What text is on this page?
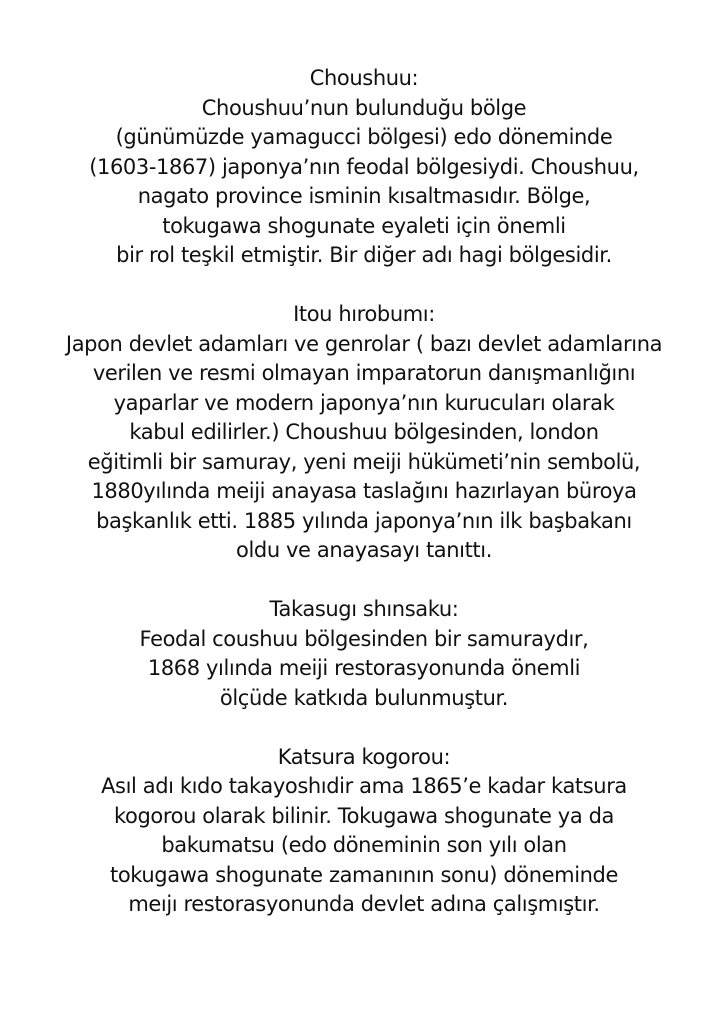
Choushuu:
Choushuu’nun bulunduğu bölge
(günümüzde yamagucci bölgesi) edo döneminde
(1603-1867) japonya’nın feodal bölgesiydi. Choushuu,
nagato province isminin kısaltmasıdır. Bölge,
tokugawa shogunate eyaleti için önemli
bir rol teşkil etmiştir. Bir diğer adı hagi bölgesidir.
Itou hırobumı:
Japon devlet adamları ve genrolar ( bazı devlet adamlarına
verilen ve resmi olmayan imparatorun danışmanlığını
yaparlar ve modern japonya’nın kurucuları olarak
kabul edilirler.) Choushuu bölgesinden, london
eğitimli bir samuray, yeni meiji hükümeti’nin sembolü,
1880yılında meiji anayasa taslağını hazırlayan büroya
başkanlık etti. 1885 yılında japonya’nın ilk başbakanı
oldu ve anayasayı tanıttı.
Takasugı shınsaku:
Feodal coushuu bölgesinden bir samuraydır,
1868 yılında meiji restorasyonunda önemli
ölçüde katkıda bulunmuştur.
Katsura kogorou:
Asıl adı kıdo takayoshıdir ama 1865’e kadar katsura
kogorou olarak bilinir. Tokugawa shogunate ya da
bakumatsu (edo döneminin son yılı olan
tokugawa shogunate zamanının sonu) döneminde
meıjı restorasyonunda devlet adına çalışmıştır.
